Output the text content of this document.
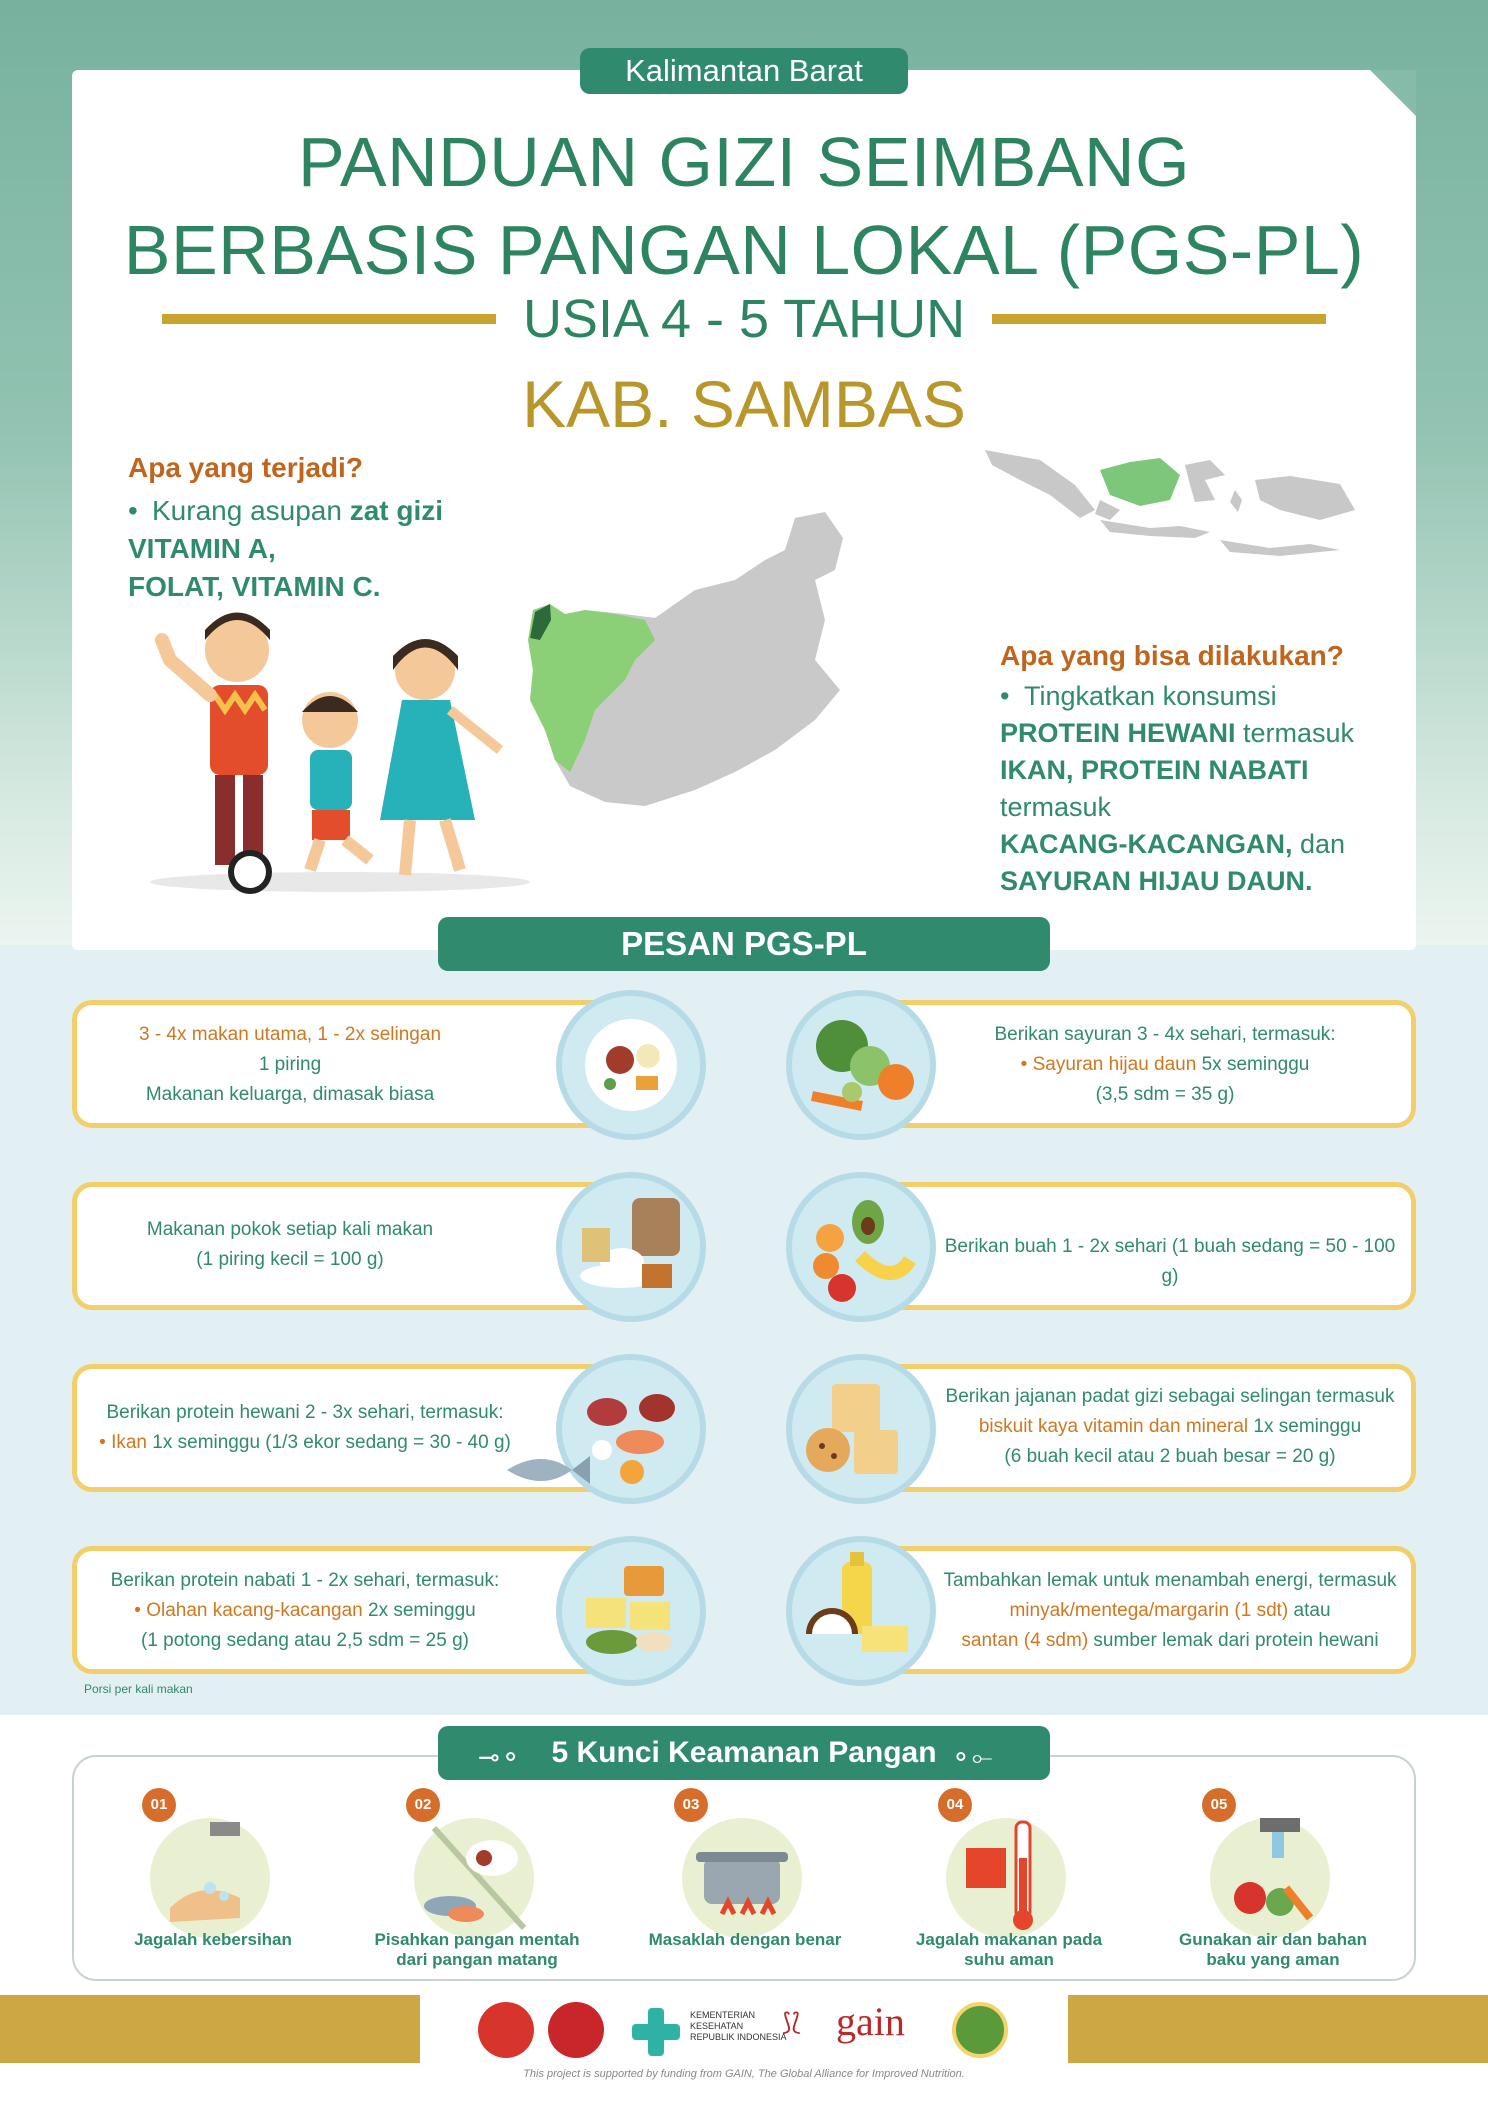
Kalimantan Barat
PANDUAN GIZI SEIMBANG
BERBASIS PANGAN LOKAL (PGS-PL)
USIA 4 - 5 TAHUN
KAB. SAMBAS
Apa yang terjadi?
• Kurang asupan zat gizi VITAMIN A,
FOLAT, VITAMIN C.
Apa yang bisa dilakukan?
• Tingkatkan konsumsi
PROTEIN HEWANI termasuk
IKAN, PROTEIN NABATI
termasuk
KACANG-KACANGAN, dan
SAYURAN HIJAU DAUN.
PESAN PGS-PL
3 - 4x makan utama, 1 - 2x selingan
1 piring
Makanan keluarga, dimasak biasa
Makanan pokok setiap kali makan
(1 piring kecil = 100 g)
Berikan protein hewani 2 - 3x sehari, termasuk:
• Ikan 1x seminggu (1/3 ekor sedang = 30 - 40 g)
Berikan protein nabati 1 - 2x sehari, termasuk:
• Olahan kacang-kacangan 2x seminggu
(1 potong sedang atau 2,5 sdm = 25 g)
Berikan sayuran 3 - 4x sehari, termasuk:
• Sayuran hijau daun 5x seminggu
(3,5 sdm = 35 g)
Berikan buah 1 - 2x sehari (1 buah sedang = 50 - 100 g)
Berikan jajanan padat gizi sebagai selingan termasuk
biskuit kaya vitamin dan mineral 1x seminggu
(6 buah kecil atau 2 buah besar = 20 g)
Tambahkan lemak untuk menambah energi, termasuk
minyak/mentega/margarin (1 sdt) atau
santan (4 sdm) sumber lemak dari protein hewani
Porsi per kali makan
5 Kunci Keamanan Pangan
⊸⚬	⚬⟜
01
Jagalah kebersihan
02
Pisahkan pangan mentah dari pangan matang
03
Masaklah dengan benar
04
Jagalah makanan pada suhu aman
05
Gunakan air dan bahan baku yang aman
KEMENTERIAN KESEHATAN REPUBLIK INDONESIA
⟆⟅ gain
This project is supported by funding from GAIN, The Global Alliance for Improved Nutrition.
